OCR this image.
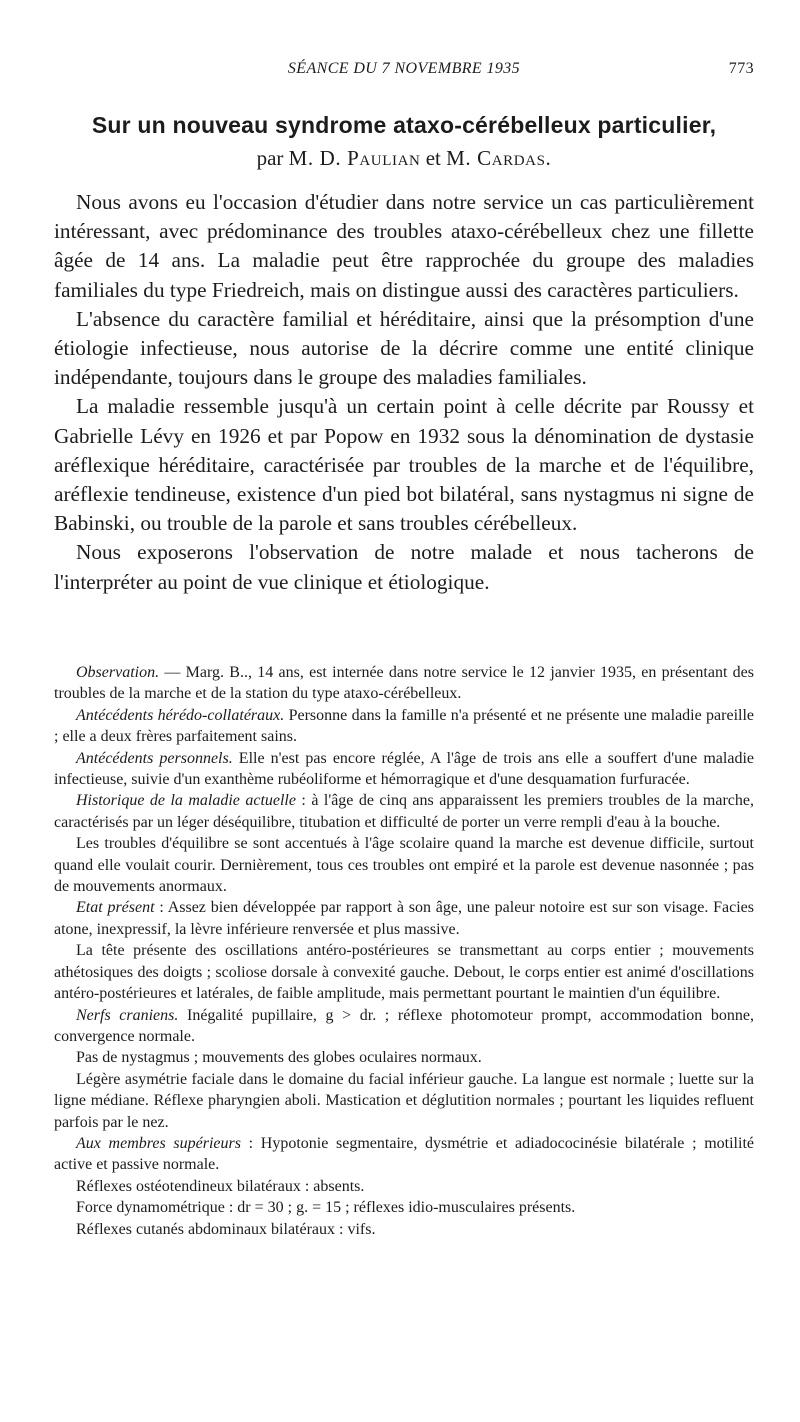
SÉANCE DU 7 NOVEMBRE 1935	773
Sur un nouveau syndrome ataxo-cérébelleux particulier,
par M. D. Paulian et M. Cardas.

Nous avons eu l'occasion d'étudier dans notre service un cas particulièrement intéressant, avec prédominance des troubles ataxo-cérébelleux chez une fillette âgée de 14 ans. La maladie peut être rapprochée du groupe des maladies familiales du type Friedreich, mais on distingue aussi des caractères particuliers.

L'absence du caractère familial et héréditaire, ainsi que la présomption d'une étiologie infectieuse, nous autorise de la décrire comme une entité clinique indépendante, toujours dans le groupe des maladies familiales.

La maladie ressemble jusqu'à un certain point à celle décrite par Roussy et Gabrielle Lévy en 1926 et par Popow en 1932 sous la dénomination de dystasie aréflexique héréditaire, caractérisée par troubles de la marche et de l'équilibre, aréflexie tendineuse, existence d'un pied bot bilatéral, sans nystagmus ni signe de Babinski, ou trouble de la parole et sans troubles cérébelleux.

Nous exposerons l'observation de notre malade et nous tacherons de l'interpréter au point de vue clinique et étiologique.

Observation. — Marg. B.., 14 ans, est internée dans notre service le 12 janvier 1935, en présentant des troubles de la marche et de la station du type ataxo-cérébelleux.

Antécédents hérédo-collatéraux. Personne dans la famille n'a présenté et ne présente une maladie pareille ; elle a deux frères parfaitement sains.

Antécédents personnels. Elle n'est pas encore réglée, A l'âge de trois ans elle a souffert d'une maladie infectieuse, suivie d'un exanthème rubéoliforme et hémorragique et d'une desquamation furfuracée.

Historique de la maladie actuelle : à l'âge de cinq ans apparaissent les premiers troubles de la marche, caractérisés par un léger déséquilibre, titubation et difficulté de porter un verre rempli d'eau à la bouche.

Les troubles d'équilibre se sont accentués à l'âge scolaire quand la marche est devenue difficile, surtout quand elle voulait courir. Dernièrement, tous ces troubles ont empiré et la parole est devenue nasonnée ; pas de mouvements anormaux.

Etat présent : Assez bien développée par rapport à son âge, une paleur notoire est sur son visage. Facies atone, inexpressif, la lèvre inférieure renversée et plus massive.

La tête présente des oscillations antéro-postérieures se transmettant au corps entier ; mouvements athétosiques des doigts ; scoliose dorsale à convexité gauche. Debout, le corps entier est animé d'oscillations antéro-postérieures et latérales, de faible amplitude, mais permettant pourtant le maintien d'un équilibre.

Nerfs craniens. Inégalité pupillaire, g > dr. ; réflexe photomoteur prompt, accommodation bonne, convergence normale.

Pas de nystagmus ; mouvements des globes oculaires normaux.

Légère asymétrie faciale dans le domaine du facial inférieur gauche. La langue est normale ; luette sur la ligne médiane. Réflexe pharyngien aboli. Mastication et déglutition normales ; pourtant les liquides refluent parfois par le nez.

Aux membres supérieurs : Hypotonie segmentaire, dysmétrie et adiadococinésie bilatérale ; motilité active et passive normale.

Réflexes ostéotendineux bilatéraux : absents.

Force dynamométrique : dr = 30 ; g. = 15 ; réflexes idio-musculaires présents.

Réflexes cutanés abdominaux bilatéraux : vifs.
